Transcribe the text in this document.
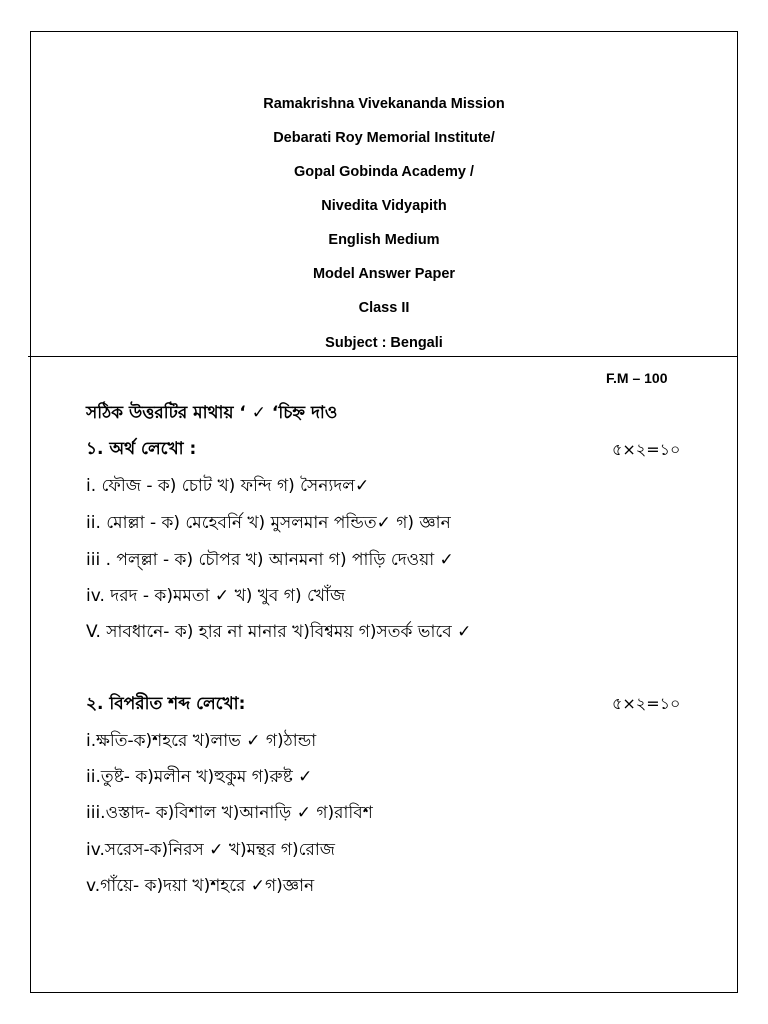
Ramakrishna Vivekananda Mission
Debarati Roy Memorial Institute/
Gopal Gobinda Academy /
Nivedita Vidyapith
English Medium
Model Answer Paper
Class II
Subject : Bengali
F.M – 100
সঠিক উত্তরটির মাথায় ‘ ✓ ‘চিহ্ন দাও
১. অর্থ লেখো :	৫×২=১০
i. ফৌজ - ক) চোট খ) ফন্দি গ) সৈন্যদল✓
ii. মোল্লা - ক) মেহেবর্নি খ) মুসলমান পন্ডিত✓ গ) জ্ঞান
iii . পল্ল্লা - ক) চৌপর খ) আনমনা গ) পাড়ি দেওয়া ✓
iv. দরদ - ক)মমতা ✓ খ) খুব গ) খোঁজ
V. সাবধানে- ক) হার না মানার খ)বিশ্বময় গ)সতর্ক ভাবে ✓
২. বিপরীত শব্দ লেখো:	৫×২=১০
i.ক্ষতি-ক)শহরে খ)লাভ ✓ গ)ঠান্ডা
ii.তুষ্ট- ক)মলীন খ)হুকুম গ)রুষ্ট ✓
iii.ওস্তাদ- ক)বিশাল খ)আনাড়ি ✓ গ)রাবিশ
iv.সরেস-ক)নিরস ✓ খ)মন্থর গ)রোজ
v.গাঁয়ে- ক)দয়া খ)শহরে ✓গ)জ্ঞান
